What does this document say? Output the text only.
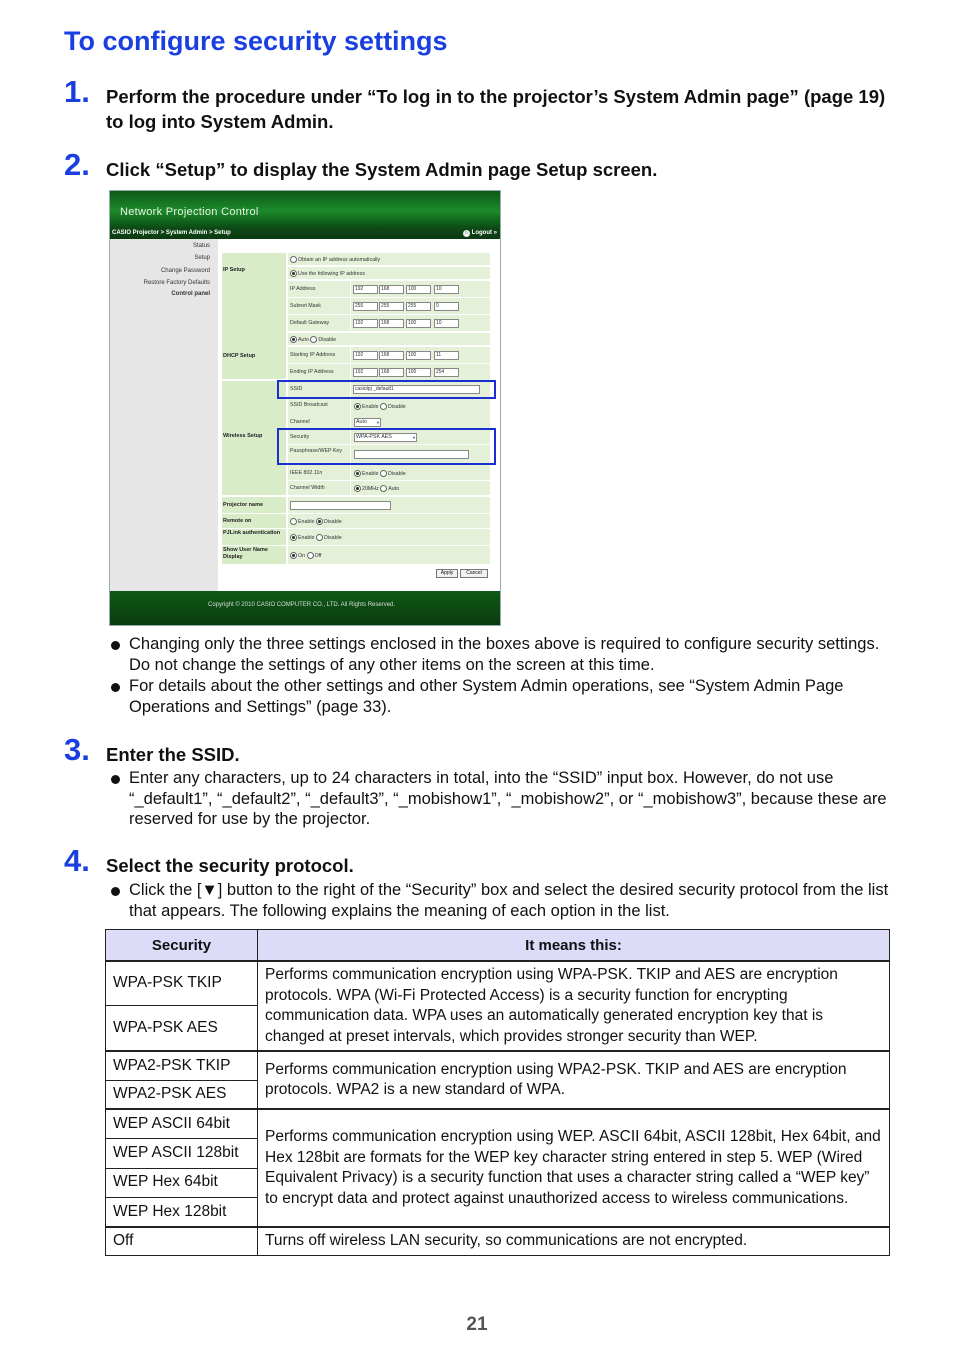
To configure security settings
1. Perform the procedure under “To log in to the projector’s System Admin page” (page 19) to log into System Admin.
2. Click “Setup” to display the System Admin page Setup screen.
Network Projection Control
CASIO Projector > System Admin > Setup	○ Logout »
Status
Setup
Change Password
Restore Factory Defaults
Control panel
IP Setup
Obtain an IP address automatically
Use the following IP address
IP Address	192	168	100	10
Subnet Mask	255	255	255	0
Default Gateway	192	168	100	10
DHCP Setup
Auto Disable
Starting IP Address	192	168	100	11
Ending IP Address	192	168	100	254
Wireless Setup
SSID	casiolpj _default1
SSID Broadcast	Enable Disable
Channel	Auto ▼
Security	WPA-PSK AES	▼
Passphrase/WEP Key
IEEE 802.11n	Enable Disable
Channel Width	20MHz Auto
Projector name
Remote on	Enable Disable
PJLink authentication
Enable Disable
Show User Name Display	On Off
Apply	Cancel
Copyright © 2010 CASIO COMPUTER CO., LTD. All Rights Reserved.
Changing only the three settings enclosed in the boxes above is required to configure security settings. Do not change the settings of any other items on the screen at this time.
For details about the other settings and other System Admin operations, see “System Admin Page Operations and Settings” (page 33).
3. Enter the SSID.
Enter any characters, up to 24 characters in total, into the “SSID” input box. However, do not use “_default1”, “_default2”, “_default3”, “_mobishow1”, “_mobishow2”, or “_mobishow3”, because these are reserved for use by the projector.
4. Select the security protocol.
Click the [▼] button to the right of the “Security” box and select the desired security protocol from the list that appears. The following explains the meaning of each option in the list.
Security	It means this:
WPA-PSK TKIP	Performs communication encryption using WPA-PSK. TKIP and AES are encryption protocols. WPA (Wi-Fi Protected Access) is a security function for encrypting communication data. WPA uses an automatically generated encryption key that is changed at preset intervals, which provides stronger security than WEP.
WPA-PSK AES	
WPA2-PSK TKIP	Performs communication encryption using WPA2-PSK. TKIP and AES are encryption protocols. WPA2 is a new standard of WPA.
WPA2-PSK AES	
WEP ASCII 64bit	Performs communication encryption using WEP. ASCII 64bit, ASCII 128bit, Hex 64bit, and Hex 128bit are formats for the WEP key character string entered in step 5. WEP (Wired Equivalent Privacy) is a security function that uses a character string called a “WEP key” to encrypt data and protect against unauthorized access to wireless communications.
WEP ASCII 128bit	
WEP Hex 64bit	
WEP Hex 128bit	
Off	Turns off wireless LAN security, so communications are not encrypted.
21
